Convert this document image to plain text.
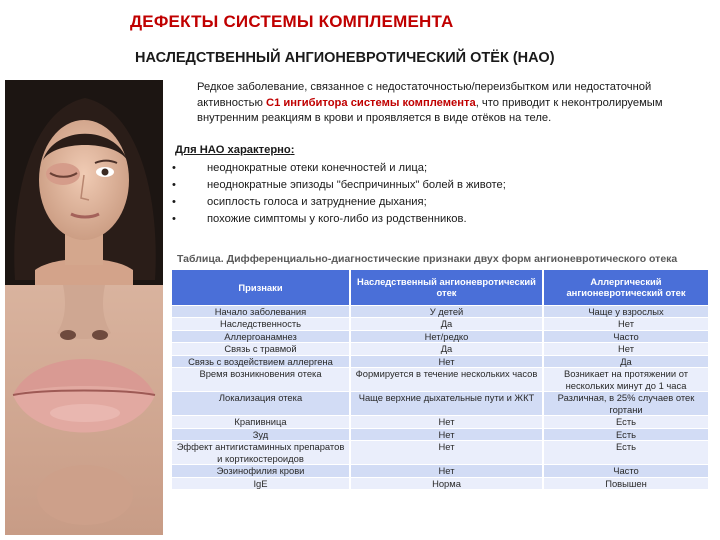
ДЕФЕКТЫ СИСТЕМЫ КОМПЛЕМЕНТА
НАСЛЕДСТВЕННЫЙ АНГИОНЕВРОТИЧЕСКИЙ ОТЁК (НАО)
Редкое заболевание, связанное с недостаточностью/переизбытком или недостаточной активностью С1 ингибитора системы комплемента, что приводит к неконтролируемым внутренним реакциям в крови и проявляется в виде отёков на теле.
Для НАО характерно:
• неоднократные отеки конечностей и лица;
• неоднократные эпизоды "беспричинных" болей в животе;
• осиплость голоса и затруднение дыхания;
• похожие симптомы у кого-либо из родственников.
Таблица. Дифференциально-диагностические признаки двух форм ангионевротического отека
Признаки	Наследственный ангионевротический отек	Аллергический ангионевротический отек
Начало заболевания	У детей	Чаще у взрослых
Наследственность	Да	Нет
Аллергоанамнез	Нет/редко	Часто
Связь с травмой	Да	Нет
Связь с воздействием аллергена	Нет	Да
Время возникновения отека	Формируется в течение нескольких часов	Возникает на протяжении от нескольких минут до 1 часа
Локализация отека	Чаще верхние дыхательные пути и ЖКТ	Различная, в 25% случаев отек гортани
Крапивница	Нет	Есть
Зуд	Нет	Есть
Эффект антигистаминных препаратов и кортикостероидов	Нет	Есть
Эозинофилия крови	Нет	Часто
IgE	Норма	Повышен
